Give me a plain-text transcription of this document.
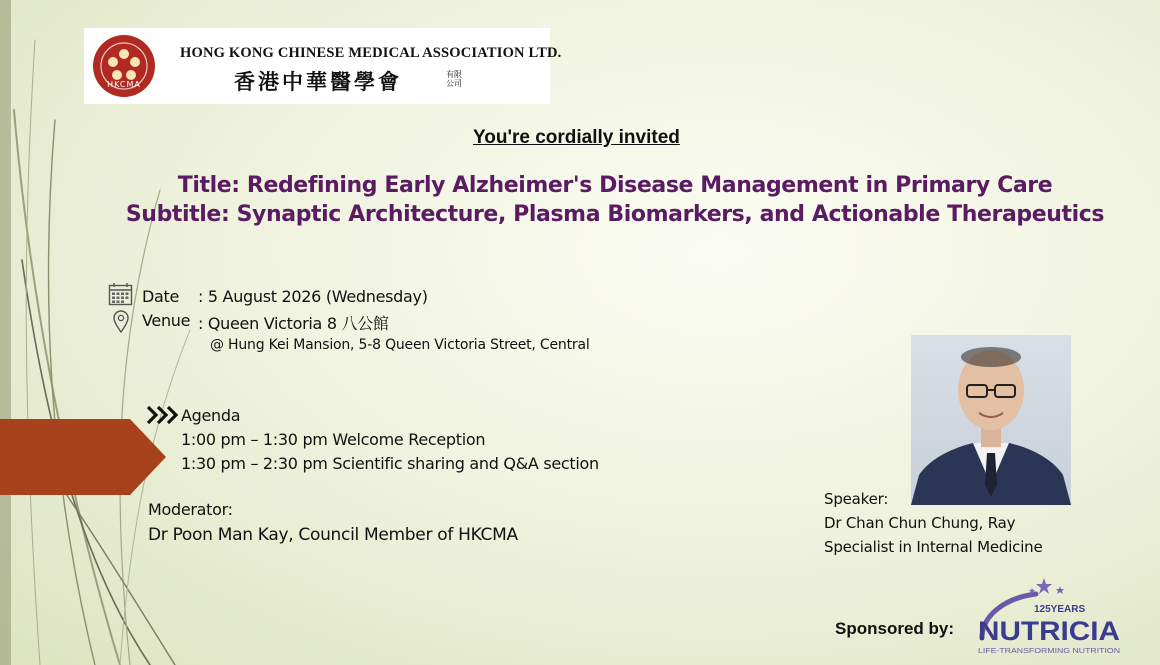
HKCMA
HONG KONG CHINESE MEDICAL ASSOCIATION LTD.
香港中華醫學會	有限公司
You're cordially invited
Title: Redefining Early Alzheimer's Disease Management in Primary Care
Subtitle: Synaptic Architecture, Plasma Biomarkers, and Actionable Therapeutics
Date : 5 August 2026 (Wednesday)
Venue : Queen Victoria 8 八公館
@ Hung Kei Mansion, 5-8 Queen Victoria Street, Central
Agenda
1:00 pm – 1:30 pm Welcome Reception
1:30 pm – 2:30 pm Scientific sharing and Q&A section
Moderator:
Dr Poon Man Kay, Council Member of HKCMA
Speaker:
Dr Chan Chun Chung, Ray
Specialist in Internal Medicine
Sponsored by:
125YEARS
NUTRICIA
LIFE-TRANSFORMING NUTRITION
